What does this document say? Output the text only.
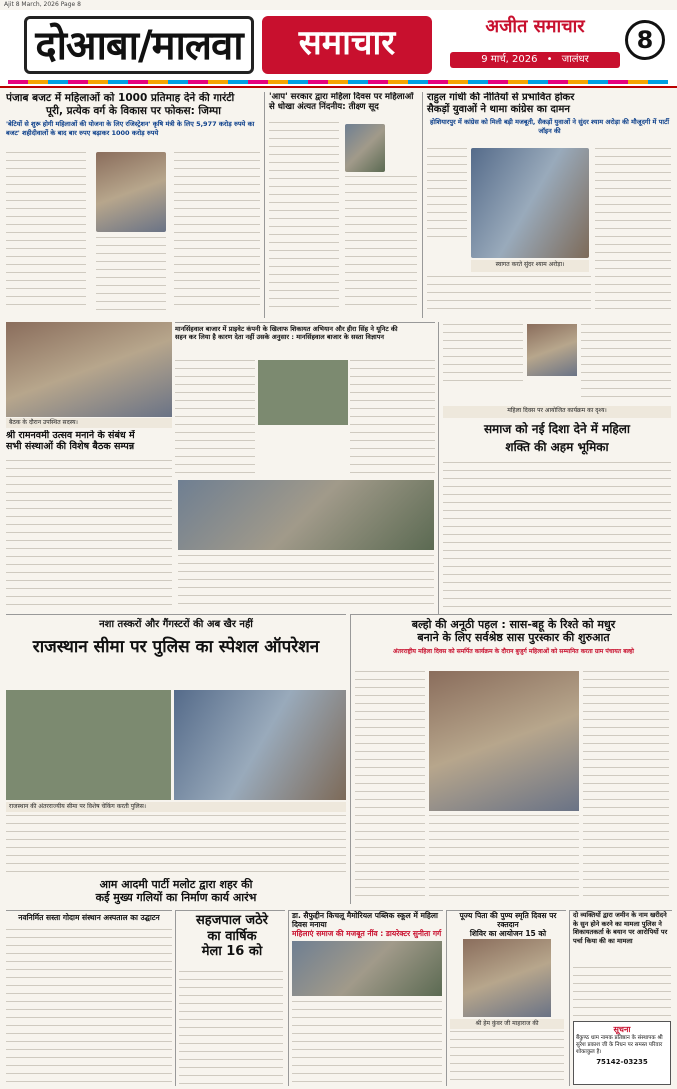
Ajit 8 March, 2026 Page 8
दोआबा/मालवा	समाचार	अजीत समाचार
9 मार्च, 2026 • जालंधर
8
पंजाब बजट में महिलाओं को 1000 प्रतिमाह देने की गारंटी
पूरी, प्रत्येक वर्ग के विकास पर फोकस: जिम्पा
'बेटियों से शुरू होगी महिलाओं की योजना के लिए रजिस्ट्रेशन' कृषि मंत्री के लिए 5,977 करोड़ रुपये का बजट' शहीदीवालों के बाद बार रुपए बढ़ाकर 1000 करोड़ रुपये
'आप' सरकार द्वारा महिला दिवस पर महिलाओं
से धोखा अंत्यत निंदनीय: तीक्ष्ण सूद
राहुल गांधी की नीतियों से प्रभावित होकर
सैकड़ों युवाओं ने थामा कांग्रेस का दामन
होशियारपुर में कांग्रेस को मिली बड़ी मजबूती, सैकड़ों युवाओं ने सुंदर श्याम अरोड़ा की मौजूदगी में पार्टी जॉइन की
स्वागत करते सुंदर श्याम अरोड़ा।
मानसिंहवाल बाजार में प्राइवेट कंपनी के खिलाफ शिकायत अभियान और हीरा सिंह ने यूनिट की
सहन कर लिया है कारण देता नहीं उसके अनुसार : मानसिंहवाल बाजार के सस्ता विज्ञापन
बैठक के दौरान उपस्थित सदस्य।
श्री रामनवमी उत्सव मनाने के संबंध में
सभी संस्थाओं की विशेष बैठक सम्पन्न
महिला दिवस पर आयोजित कार्यक्रम का दृश्य।
समाज को नई दिशा देने में महिला
शक्ति की अहम भूमिका
नशा तस्करों और गैंगस्टरों की अब खैर नहीं
राजस्थान सीमा पर पुलिस का स्पेशल ऑपरेशन
राजस्थान की अंतरराज्यीय सीमा पर विशेष चेकिंग करती पुलिस।
बल्हो की अनूठी पहल : सास-बहू के रिश्ते को मधुर
बनाने के लिए सर्वश्रेष्ठ सास पुरस्कार की शुरुआत
अंतरराष्ट्रीय महिला दिवस को समर्पित कार्यक्रम के दौरान बुजुर्ग महिलाओं को सम्मानित करता ग्राम पंचायत बल्हो
आम आदमी पार्टी मलोट द्वारा शहर की
कई मुख्य गलियों का निर्माण कार्य आरंभ
नवनिर्मित सस्ता गोदाम संस्थान अस्पताल का उद्घाटन	सहजपाल जठेरे
का वार्षिक
मेला 16 को
डा. सैफुद्दीन किचलू मैमोरियल पब्लिक स्कूल में महिला दिवस मनाया
महिलाएं समाज की मजबूत नींव : डायरेक्टर सुनीता गर्ग
पूज्य पिता की पुण्य स्मृति दिवस पर रक्तदान
शिविर का आयोजन 15 को
श्री हेम कुंवर जी माहाराज की
दो व्यक्तियों द्वारा जमीन के नाम खरीदने के सुन होने करने का मामला पुलिस ने शिकायतकर्ता के बयान पर आरोपियों पर पर्चा किया की का मामला
सूचना
बैंकुण्ठ धाम नामक प्रतिष्ठान के संस्थापक श्री सुरेश प्रकाश जी के निधन पर समस्त परिवार शोकाकुल है।
75142-03235
